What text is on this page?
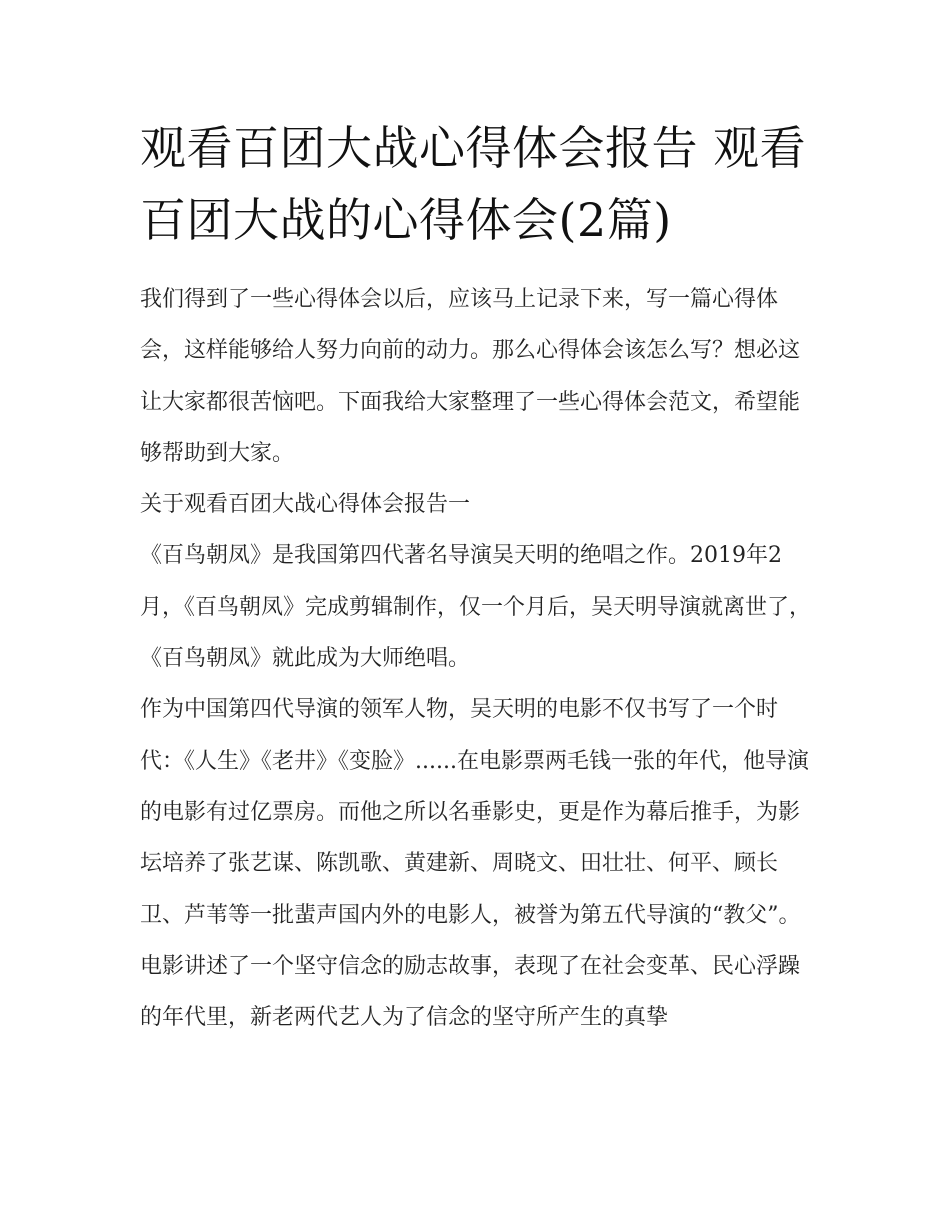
观看百团大战心得体会报告 观看百团大战的心得体会(2篇)

我们得到了一些心得体会以后，应该马上记录下来，写一篇心得体会，这样能够给人努力向前的动力。那么心得体会该怎么写？想必这让大家都很苦恼吧。下面我给大家整理了一些心得体会范文，希望能够帮助到大家。

关于观看百团大战心得体会报告一

《百鸟朝凤》是我国第四代著名导演吴天明的绝唱之作。2019年2月，《百鸟朝凤》完成剪辑制作，仅一个月后，吴天明导演就离世了，《百鸟朝凤》就此成为大师绝唱。

作为中国第四代导演的领军人物，吴天明的电影不仅书写了一个时代：《人生》《老井》《变脸》......在电影票两毛钱一张的年代，他导演的电影有过亿票房。而他之所以名垂影史，更是作为幕后推手，为影坛培养了张艺谋、陈凯歌、黄建新、周晓文、田壮壮、何平、顾长卫、芦苇等一批蜚声国内外的电影人，被誉为第五代导演的“教父”。

电影讲述了一个坚守信念的励志故事，表现了在社会变革、民心浮躁的年代里，新老两代艺人为了信念的坚守所产生的真挚
